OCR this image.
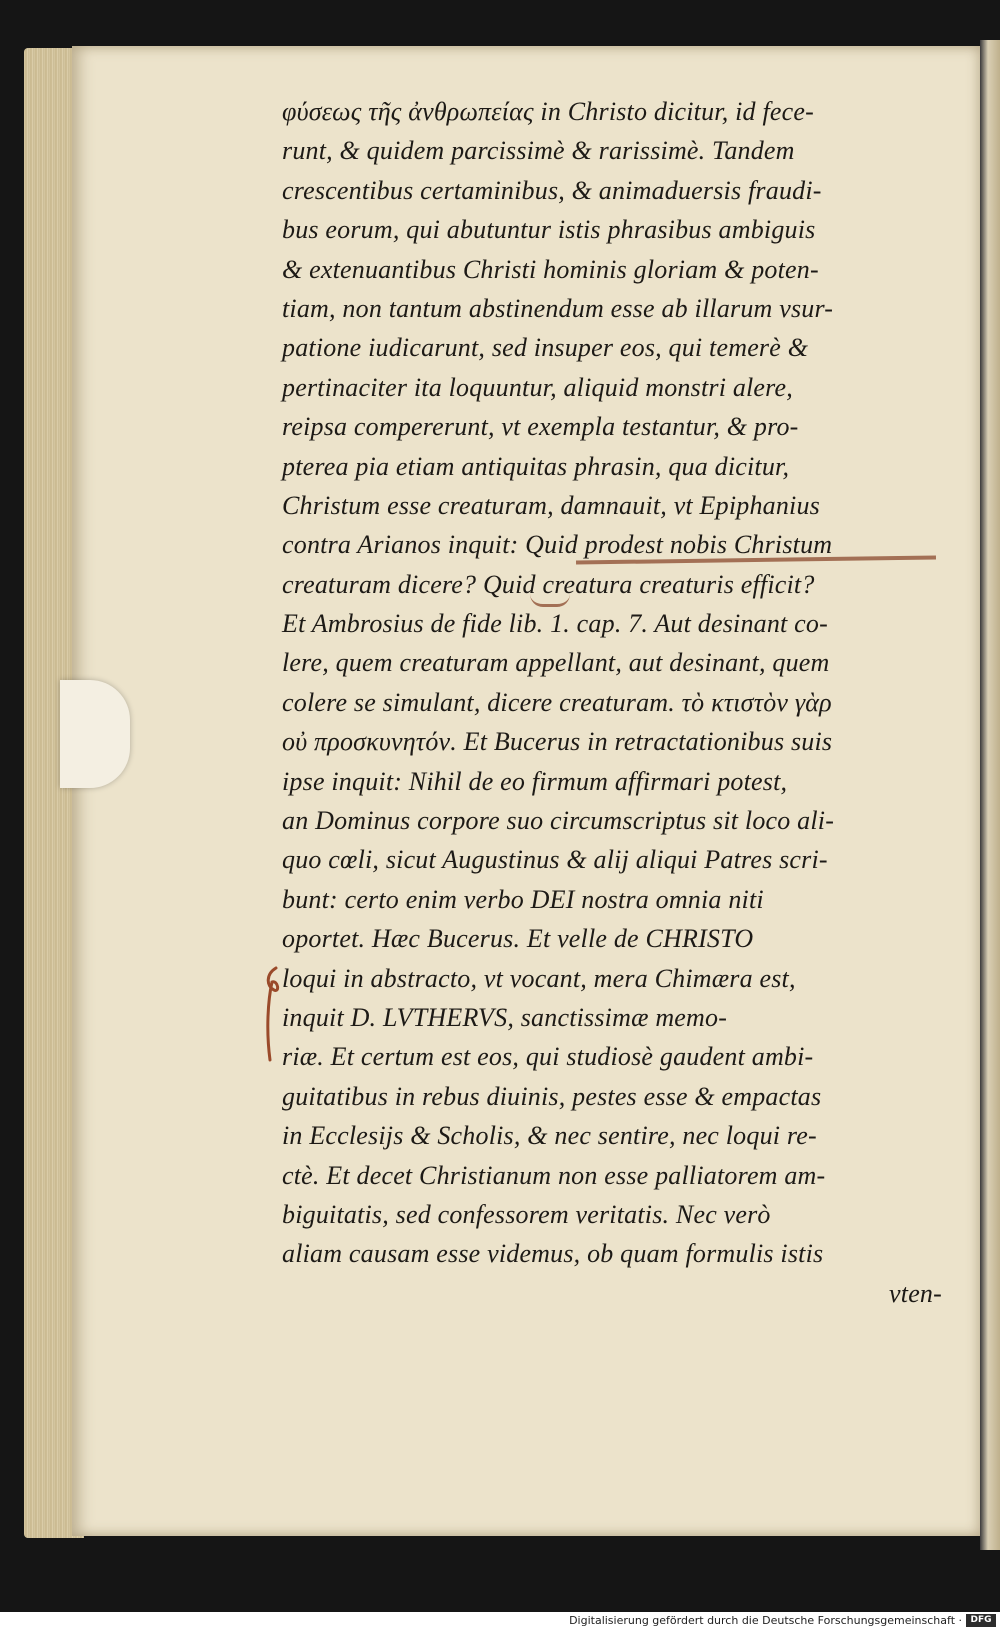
φύσεως τῆς ἀνθρωπείας in Christo dicitur, id fece-
runt, & quidem parcissimè & rarissimè. Tandem
crescentibus certaminibus, & animaduersis fraudi-
bus eorum, qui abutuntur istis phrasibus ambiguis
& extenuantibus Christi hominis gloriam & poten-
tiam, non tantum abstinendum esse ab illarum vsur-
patione iudicarunt, sed insuper eos, qui temerè &
pertinaciter ita loquuntur, aliquid monstri alere,
reipsa compererunt, vt exempla testantur, & pro-
pterea pia etiam antiquitas phrasin, qua dicitur,
Christum esse creaturam, damnauit, vt Epiphanius
contra Arianos inquit: Quid prodest nobis Christum
creaturam dicere? Quid creatura creaturis efficit?
Et Ambrosius de fide lib. 1. cap. 7. Aut desinant co-
lere, quem creaturam appellant, aut desinant, quem
colere se simulant, dicere creaturam. τὸ κτιστὸν γὰρ
οὐ προσκυνητόν. Et Bucerus in retractationibus suis
ipse inquit: Nihil de eo firmum affirmari potest,
an Dominus corpore suo circumscriptus sit loco ali-
quo cœli, sicut Augustinus & alij aliqui Patres scri-
bunt: certo enim verbo DEI nostra omnia niti
oportet. Hæc Bucerus. Et velle de CHRISTO
loqui in abstracto, vt vocant, mera Chimæra est,
inquit D. LVTHERVS, sanctissimæ memo-
riæ. Et certum est eos, qui studiosè gaudent ambi-
guitatibus in rebus diuinis, pestes esse & empactas
in Ecclesijs & Scholis, & nec sentire, nec loqui re-
ctè. Et decet Christianum non esse palliatorem am-
biguitatis, sed confessorem veritatis. Nec verò
aliam causam esse videmus, ob quam formulis istis
vten-
Digitalisierung gefördert durch die Deutsche Forschungsgemeinschaft · DFG
